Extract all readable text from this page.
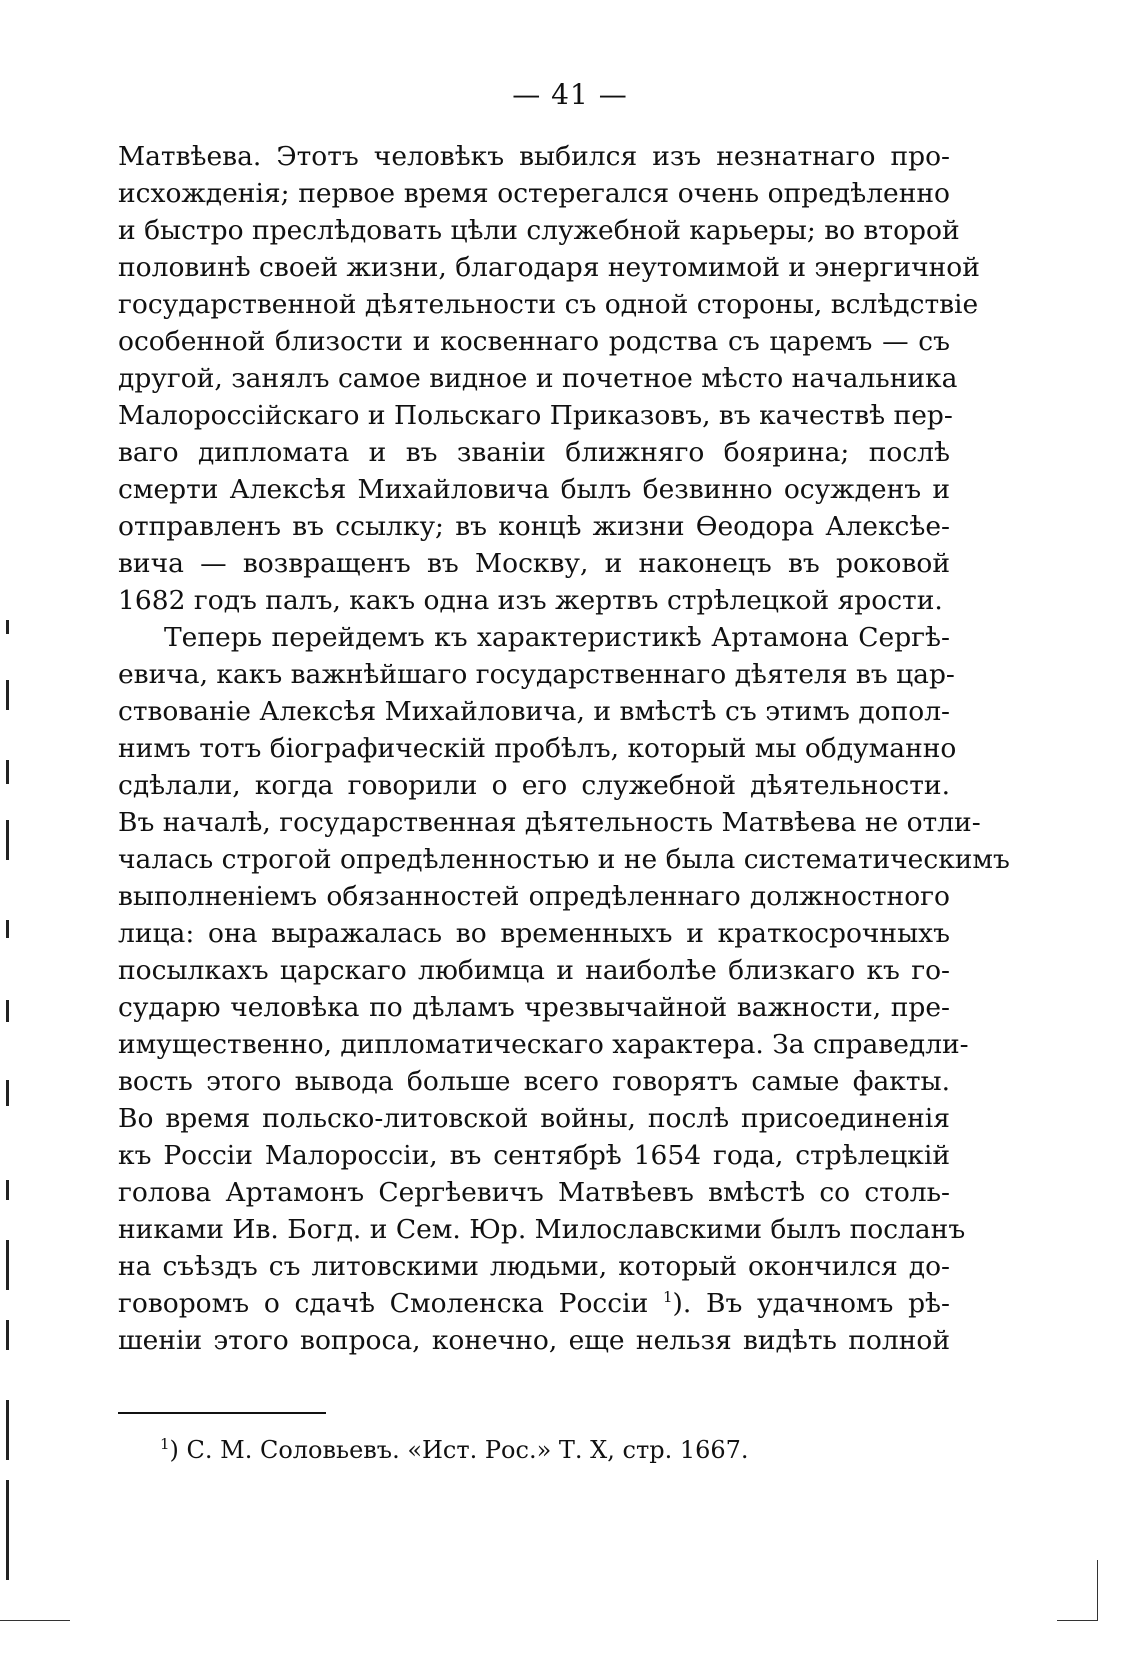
— 41 —
Матвѣева. Этотъ человѣкъ выбился изъ незнатнаго про-
исхожденія; первое время остерегался очень опредѣленно
и быстро преслѣдовать цѣли служебной карьеры; во второй
половинѣ своей жизни, благодаря неутомимой и энергичной
государственной дѣятельности съ одной стороны, вслѣдствіе
особенной близости и косвеннаго родства съ царемъ — съ
другой, занялъ самое видное и почетное мѣсто начальника
Малороссійскаго и Польскаго Приказовъ, въ качествѣ пер-
ваго дипломата и въ званіи ближняго боярина; послѣ
смерти Алексѣя Михайловича былъ безвинно осужденъ и
отправленъ въ ссылку; въ концѣ жизни Ѳеодора Алексѣе-
вича — возвращенъ въ Москву, и наконецъ въ роковой
1682 годъ палъ, какъ одна изъ жертвъ стрѣлецкой ярости.
Теперь перейдемъ къ характеристикѣ Артамона Сергѣ-
евича, какъ важнѣйшаго государственнаго дѣятеля въ цар-
ствованіе Алексѣя Михайловича, и вмѣстѣ съ этимъ допол-
нимъ тотъ біографическій пробѣлъ, который мы обдуманно
сдѣлали, когда говорили о его служебной дѣятельности.
Въ началѣ, государственная дѣятельность Матвѣева не отли-
чалась строгой опредѣленностью и не была систематическимъ
выполненіемъ обязанностей опредѣленнаго должностного
лица: она выражалась во временныхъ и краткосрочныхъ
посылкахъ царскаго любимца и наиболѣе близкаго къ го-
сударю человѣка по дѣламъ чрезвычайной важности, пре-
имущественно, дипломатическаго характера. За справедли-
вость этого вывода больше всего говорятъ самые факты.
Во время польско-литовской войны, послѣ присоединенія
къ Россіи Малороссіи, въ сентябрѣ 1654 года, стрѣлецкій
голова Артамонъ Сергѣевичъ Матвѣевъ вмѣстѣ со столь-
никами Ив. Богд. и Сем. Юр. Милославскими былъ посланъ
на съѣздъ съ литовскими людьми, который окончился до-
говоромъ о сдачѣ Смоленска Россіи $^1$). Въ удачномъ рѣ-
шеніи этого вопроса, конечно, еще нельзя видѣть полной
$^1$) С. М. Соловьевъ. «Ист. Рос.» Т. X, стр. 1667.
